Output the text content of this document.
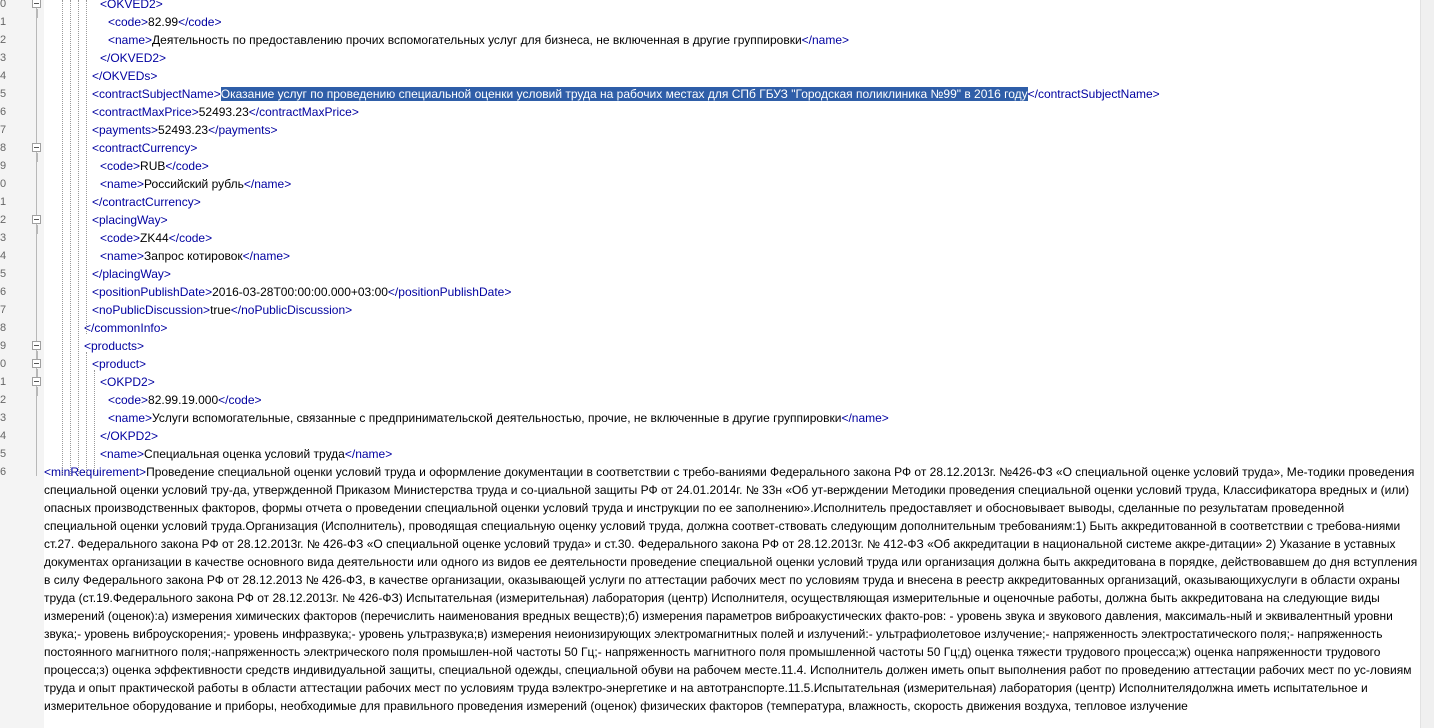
0
1
2
3
4
5
6
7
8
9
0
1
2
3
4
5
6
7
8
9
0
1
2
3
4
5
6
<OKVED2>
<code>82.99</code>
<name>Деятельность по предоставлению прочих вспомогательных услуг для бизнеса, не включенная в другие группировки</name>
</OKVED2>
</OKVEDs>
<contractSubjectName>Оказание услуг по проведению специальной оценки условий труда на рабочих местах для СПб ГБУЗ "Городская поликлиника №99" в 2016 году</contractSubjectName>
<contractMaxPrice>52493.23</contractMaxPrice>
<payments>52493.23</payments>
<contractCurrency>
<code>RUB</code>
<name>Российский рубль</name>
</contractCurrency>
<placingWay>
<code>ZK44</code>
<name>Запрос котировок</name>
</placingWay>
<positionPublishDate>2016-03-28T00:00:00.000+03:00</positionPublishDate>
<noPublicDiscussion>true</noPublicDiscussion>
</commonInfo>
<products>
<product>
<OKPD2>
<code>82.99.19.000</code>
<name>Услуги вспомогательные, связанные с предпринимательской деятельностью, прочие, не включенные в другие группировки</name>
</OKPD2>
<name>Специальная оценка условий труда</name>
<minRequirement>Проведение специальной оценки условий труда и оформление документации в соответствии с требо-ваниями Федерального закона РФ от 28.12.2013г. №426-ФЗ «О специальной оценке условий труда», Ме-тодики проведения специальной оценки условий тру-да, утвержденной Приказом Министерства труда и со-циальной защиты РФ от 24.01.2014г. № 33н «Об ут-верждении Методики проведения специальной оценки условий труда, Классификатора вредных и (или) опасных производственных факторов, формы отчета о проведении специальной оценки условий труда и инструкции по ее заполнению».Исполнитель предоставляет и обосновывает выводы, сделанные по результатам проведенной специальной оценки условий труда.Организация (Исполнитель), проводящая специальную оценку условий труда, должна соответ-ствовать следующим дополнительным требованиям:1) Быть аккредитованной в соответствии с требова-ниями ст.27. Федерального закона РФ от 28.12.2013г. № 426-ФЗ «О специальной оценке условий труда» и ст.30. Федерального закона РФ от 28.12.2013г. № 412-ФЗ «Об аккредитации в национальной системе аккре-дитации» 2) Указание в уставных документах организации в качестве основного вида деятельности или одного из видов ее деятельности проведение специальной оценки условий труда или организация должна быть аккредитована в порядке, действовавшем до дня вступления в силу Федерального закона РФ от 28.12.2013 № 426-ФЗ, в качестве организации, оказывающей услуги по аттестации рабочих мест по условиям труда и внесена в реестр аккредитованных организаций, оказывающихуслуги в области охраны труда (ст.19.Федерального закона РФ от 28.12.2013г. № 426-ФЗ) Испытательная (измерительная) лаборатория (центр) Исполнителя, осуществляющая измерительные и оценочные работы, должна быть аккредитована на следующие виды измерений (оценок):а) измерения химических факторов (перечислить наименования вредных веществ);б) измерения параметров виброакустических факто-ров: - уровень звука и звукового давления, максималь-ный и эквивалентный уровни звука;- уровень виброускорения;- уровень инфразвука;- уровень ультразвука;в) измерения неионизирующих электромагнитных полей и излучений:- ультрафиолетовое излучение;- напряженность электростатического поля;- напряженность постоянного магнитного поля;-напряженность электрического поля промышлен-ной частоты 50 Гц;- напряженность магнитного поля промышленной частоты 50 Гц;д) оценка тяжести трудового процесса;ж) оценка напряженности трудового процесса;з) оценка эффективности средств индивидуальной защиты, специальной одежды, специальной обуви на рабочем месте.11.4. Исполнитель должен иметь опыт выполнения работ по проведению аттестации рабочих мест по ус-ловиям труда и опыт практической работы в области аттестации рабочих мест по условиям труда вэлектро-энергетике и на автотранспорте.11.5.Испытательная (измерительная) лаборатория (центр) Исполнителядолжна иметь испытательное и измерительное оборудование и приборы, необходимые для правильного проведения измерений (оценок) физических факторов (температура, влажность, скорость движения воздуха, тепловое излучение
